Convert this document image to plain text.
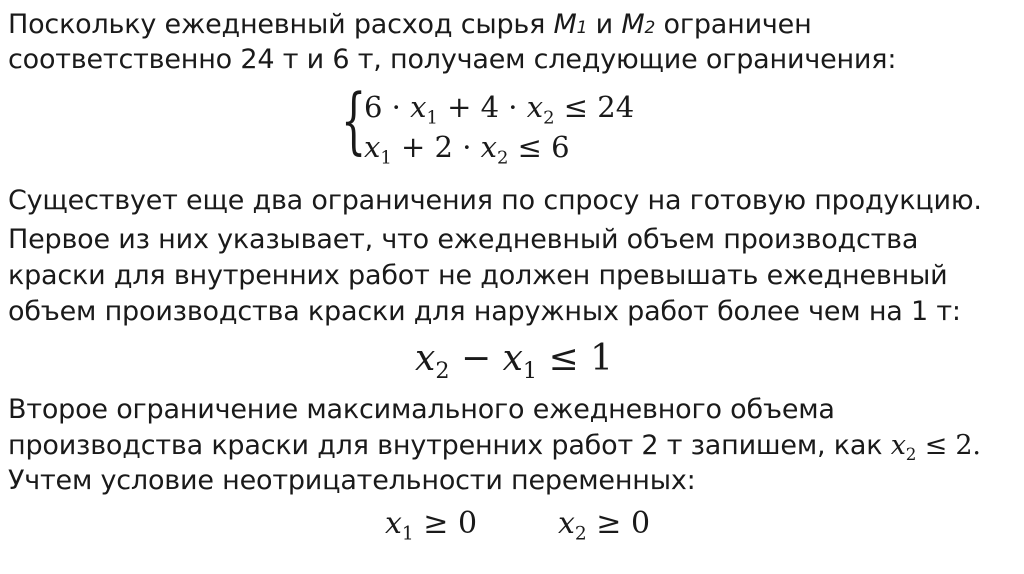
Поскольку ежедневный расход сырья М1 и М2 ограничен

соответственно 24 т и 6 т, получаем следующие ограничения:

{
$6 \cdot x_1 + 4 \cdot x_2 \le 24$
$x_1 + 2 \cdot x_2 \le 6$

Существует еще два ограничения по спросу на готовую продукцию.

Первое из них указывает, что ежедневный объем производства

краски для внутренних работ не должен превышать ежедневный

объем производства краски для наружных работ более чем на 1 т:

$x_2 - x_1 \le 1$

Второе ограничение максимального ежедневного объема

производства краски для внутренних работ 2 т запишем, как $x_2 \le 2$.

Учтем условие неотрицательности переменных:

$x_1 \ge 0$	$x_2 \ge 0$
